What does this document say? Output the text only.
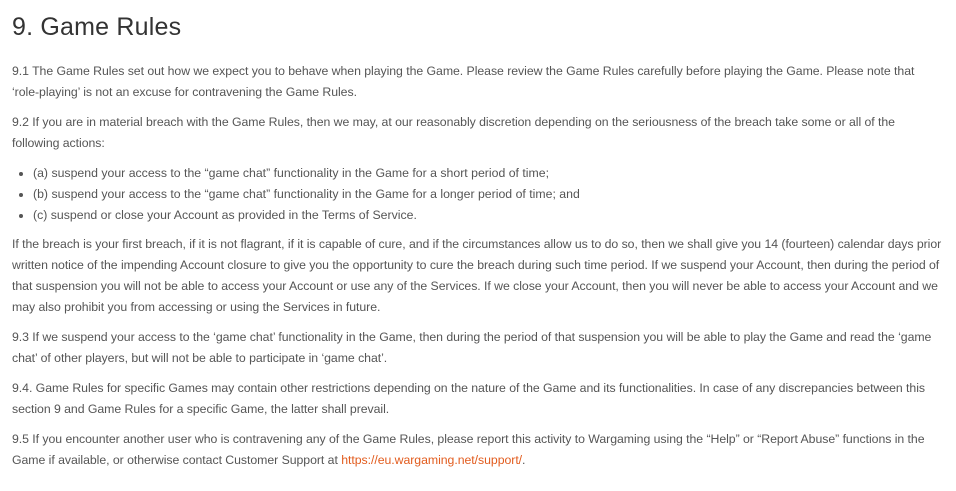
9. Game Rules

9.1 The Game Rules set out how we expect you to behave when playing the Game. Please review the Game Rules carefully before playing the Game. Please note that ‘role-playing’ is not an excuse for contravening the Game Rules.

9.2 If you are in material breach with the Game Rules, then we may, at our reasonably discretion depending on the seriousness of the breach take some or all of the following actions:

• (a) suspend your access to the “game chat” functionality in the Game for a short period of time;
• (b) suspend your access to the “game chat” functionality in the Game for a longer period of time; and
• (c) suspend or close your Account as provided in the Terms of Service.

If the breach is your first breach, if it is not flagrant, if it is capable of cure, and if the circumstances allow us to do so, then we shall give you 14 (fourteen) calendar days prior written notice of the impending Account closure to give you the opportunity to cure the breach during such time period. If we suspend your Account, then during the period of that suspension you will not be able to access your Account or use any of the Services. If we close your Account, then you will never be able to access your Account and we may also prohibit you from accessing or using the Services in future.

9.3 If we suspend your access to the ‘game chat’ functionality in the Game, then during the period of that suspension you will be able to play the Game and read the ‘game chat’ of other players, but will not be able to participate in ‘game chat’.

9.4. Game Rules for specific Games may contain other restrictions depending on the nature of the Game and its functionalities. In case of any discrepancies between this section 9 and Game Rules for a specific Game, the latter shall prevail.

9.5 If you encounter another user who is contravening any of the Game Rules, please report this activity to Wargaming using the “Help” or “Report Abuse” functions in the Game if available, or otherwise contact Customer Support at https://eu.wargaming.net/support/.
